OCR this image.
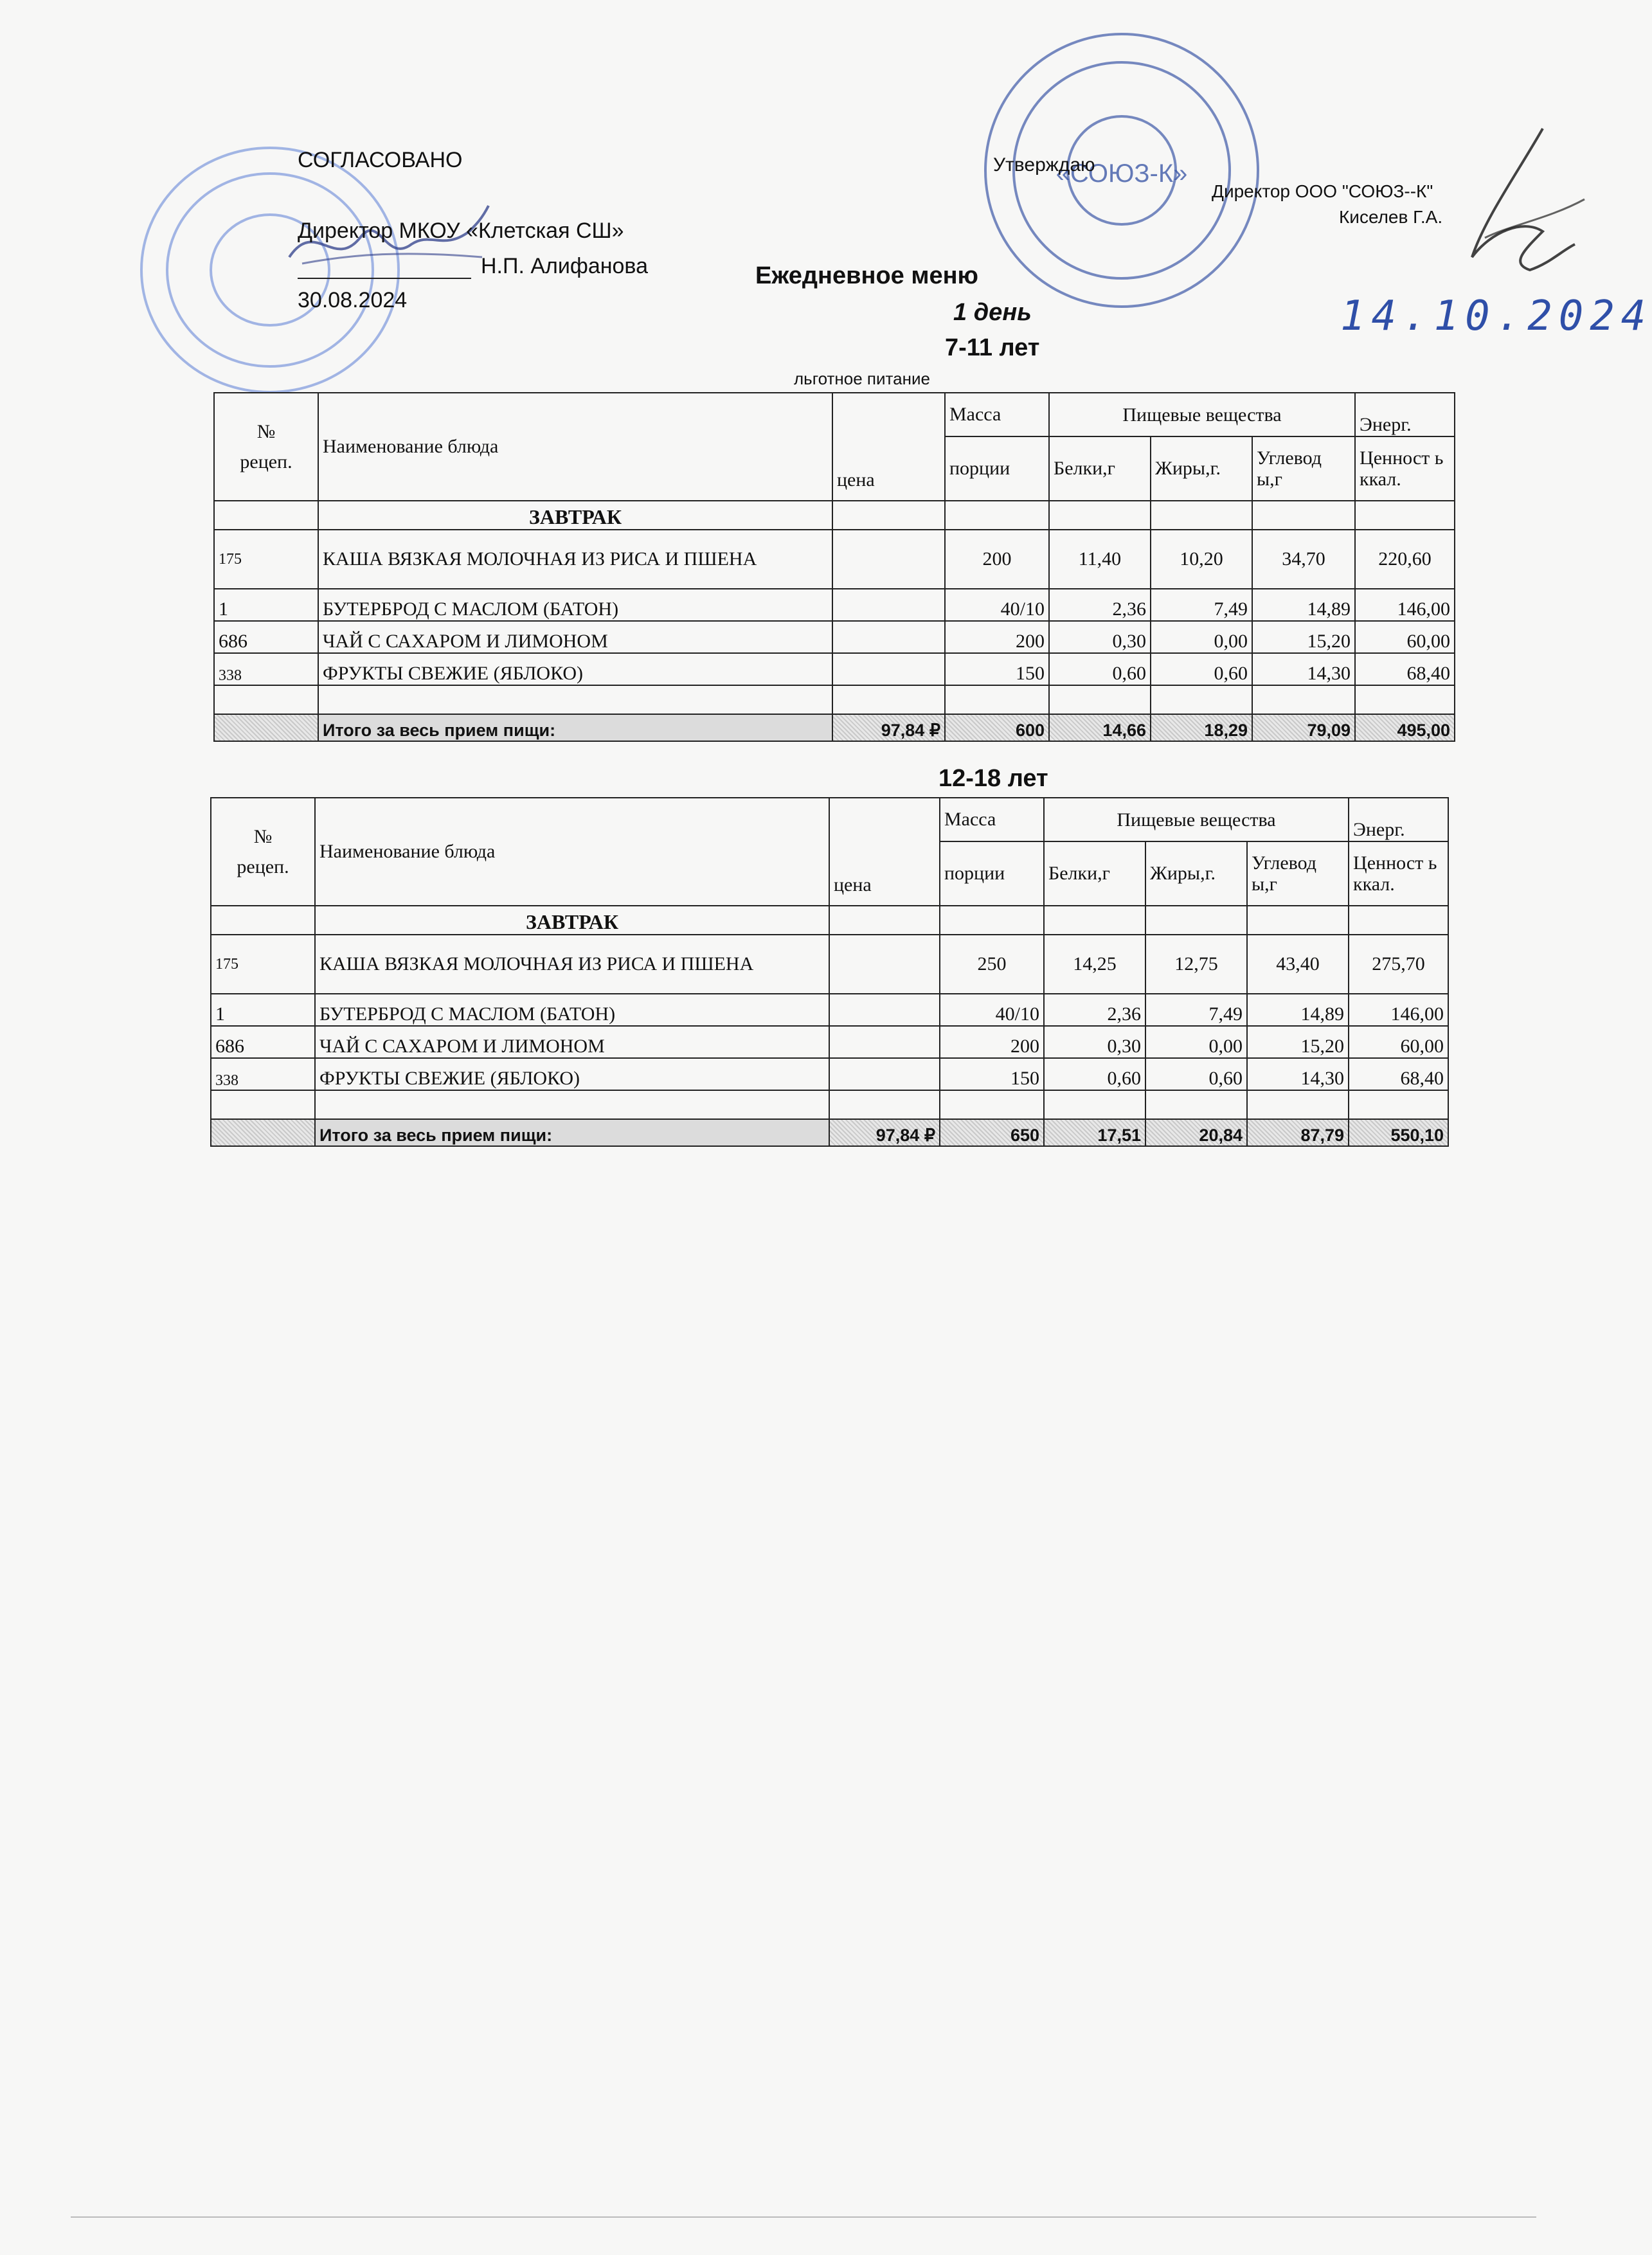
«СОЮЗ-К»
СОГЛАСОВАНО
Директор МКОУ «Клетская СШ»
Н.П. Алифанова
30.08.2024
Утверждаю
Директор ООО "СОЮЗ--К"
Киселев Г.А.
14.10.2024
Ежедневное меню
1 день
7-11 лет
льготное питание
№
рецеп.	Наименование блюда	цена	Масса	Пищевые вещества			Энерг.
			порции	Белки,г	Жиры,г.	Углевод ы,г	Ценност ь ккал.
	ЗАВТРАК						
175	КАША ВЯЗКАЯ МОЛОЧНАЯ ИЗ РИСА И ПШЕНА		200	11,40	10,20	34,70	220,60
1	БУТЕРБРОД С МАСЛОМ (БАТОН)		40/10	2,36	7,49	14,89	146,00
686	ЧАЙ С САХАРОМ И ЛИМОНОМ		200	0,30	0,00	15,20	60,00
338	ФРУКТЫ СВЕЖИЕ (ЯБЛОКО)		150	0,60	0,60	14,30	68,40

	Итого за весь прием пищи:	97,84 ₽	600	14,66	18,29	79,09	495,00
12-18 лет
№
рецеп.	Наименование блюда	цена	Масса	Пищевые вещества			Энерг.
			порции	Белки,г	Жиры,г.	Углевод ы,г	Ценност ь ккал.
	ЗАВТРАК						
175	КАША ВЯЗКАЯ МОЛОЧНАЯ ИЗ РИСА И ПШЕНА		250	14,25	12,75	43,40	275,70
1	БУТЕРБРОД С МАСЛОМ (БАТОН)		40/10	2,36	7,49	14,89	146,00
686	ЧАЙ С САХАРОМ И ЛИМОНОМ		200	0,30	0,00	15,20	60,00
338	ФРУКТЫ СВЕЖИЕ (ЯБЛОКО)		150	0,60	0,60	14,30	68,40

	Итого за весь прием пищи:	97,84 ₽	650	17,51	20,84	87,79	550,10
